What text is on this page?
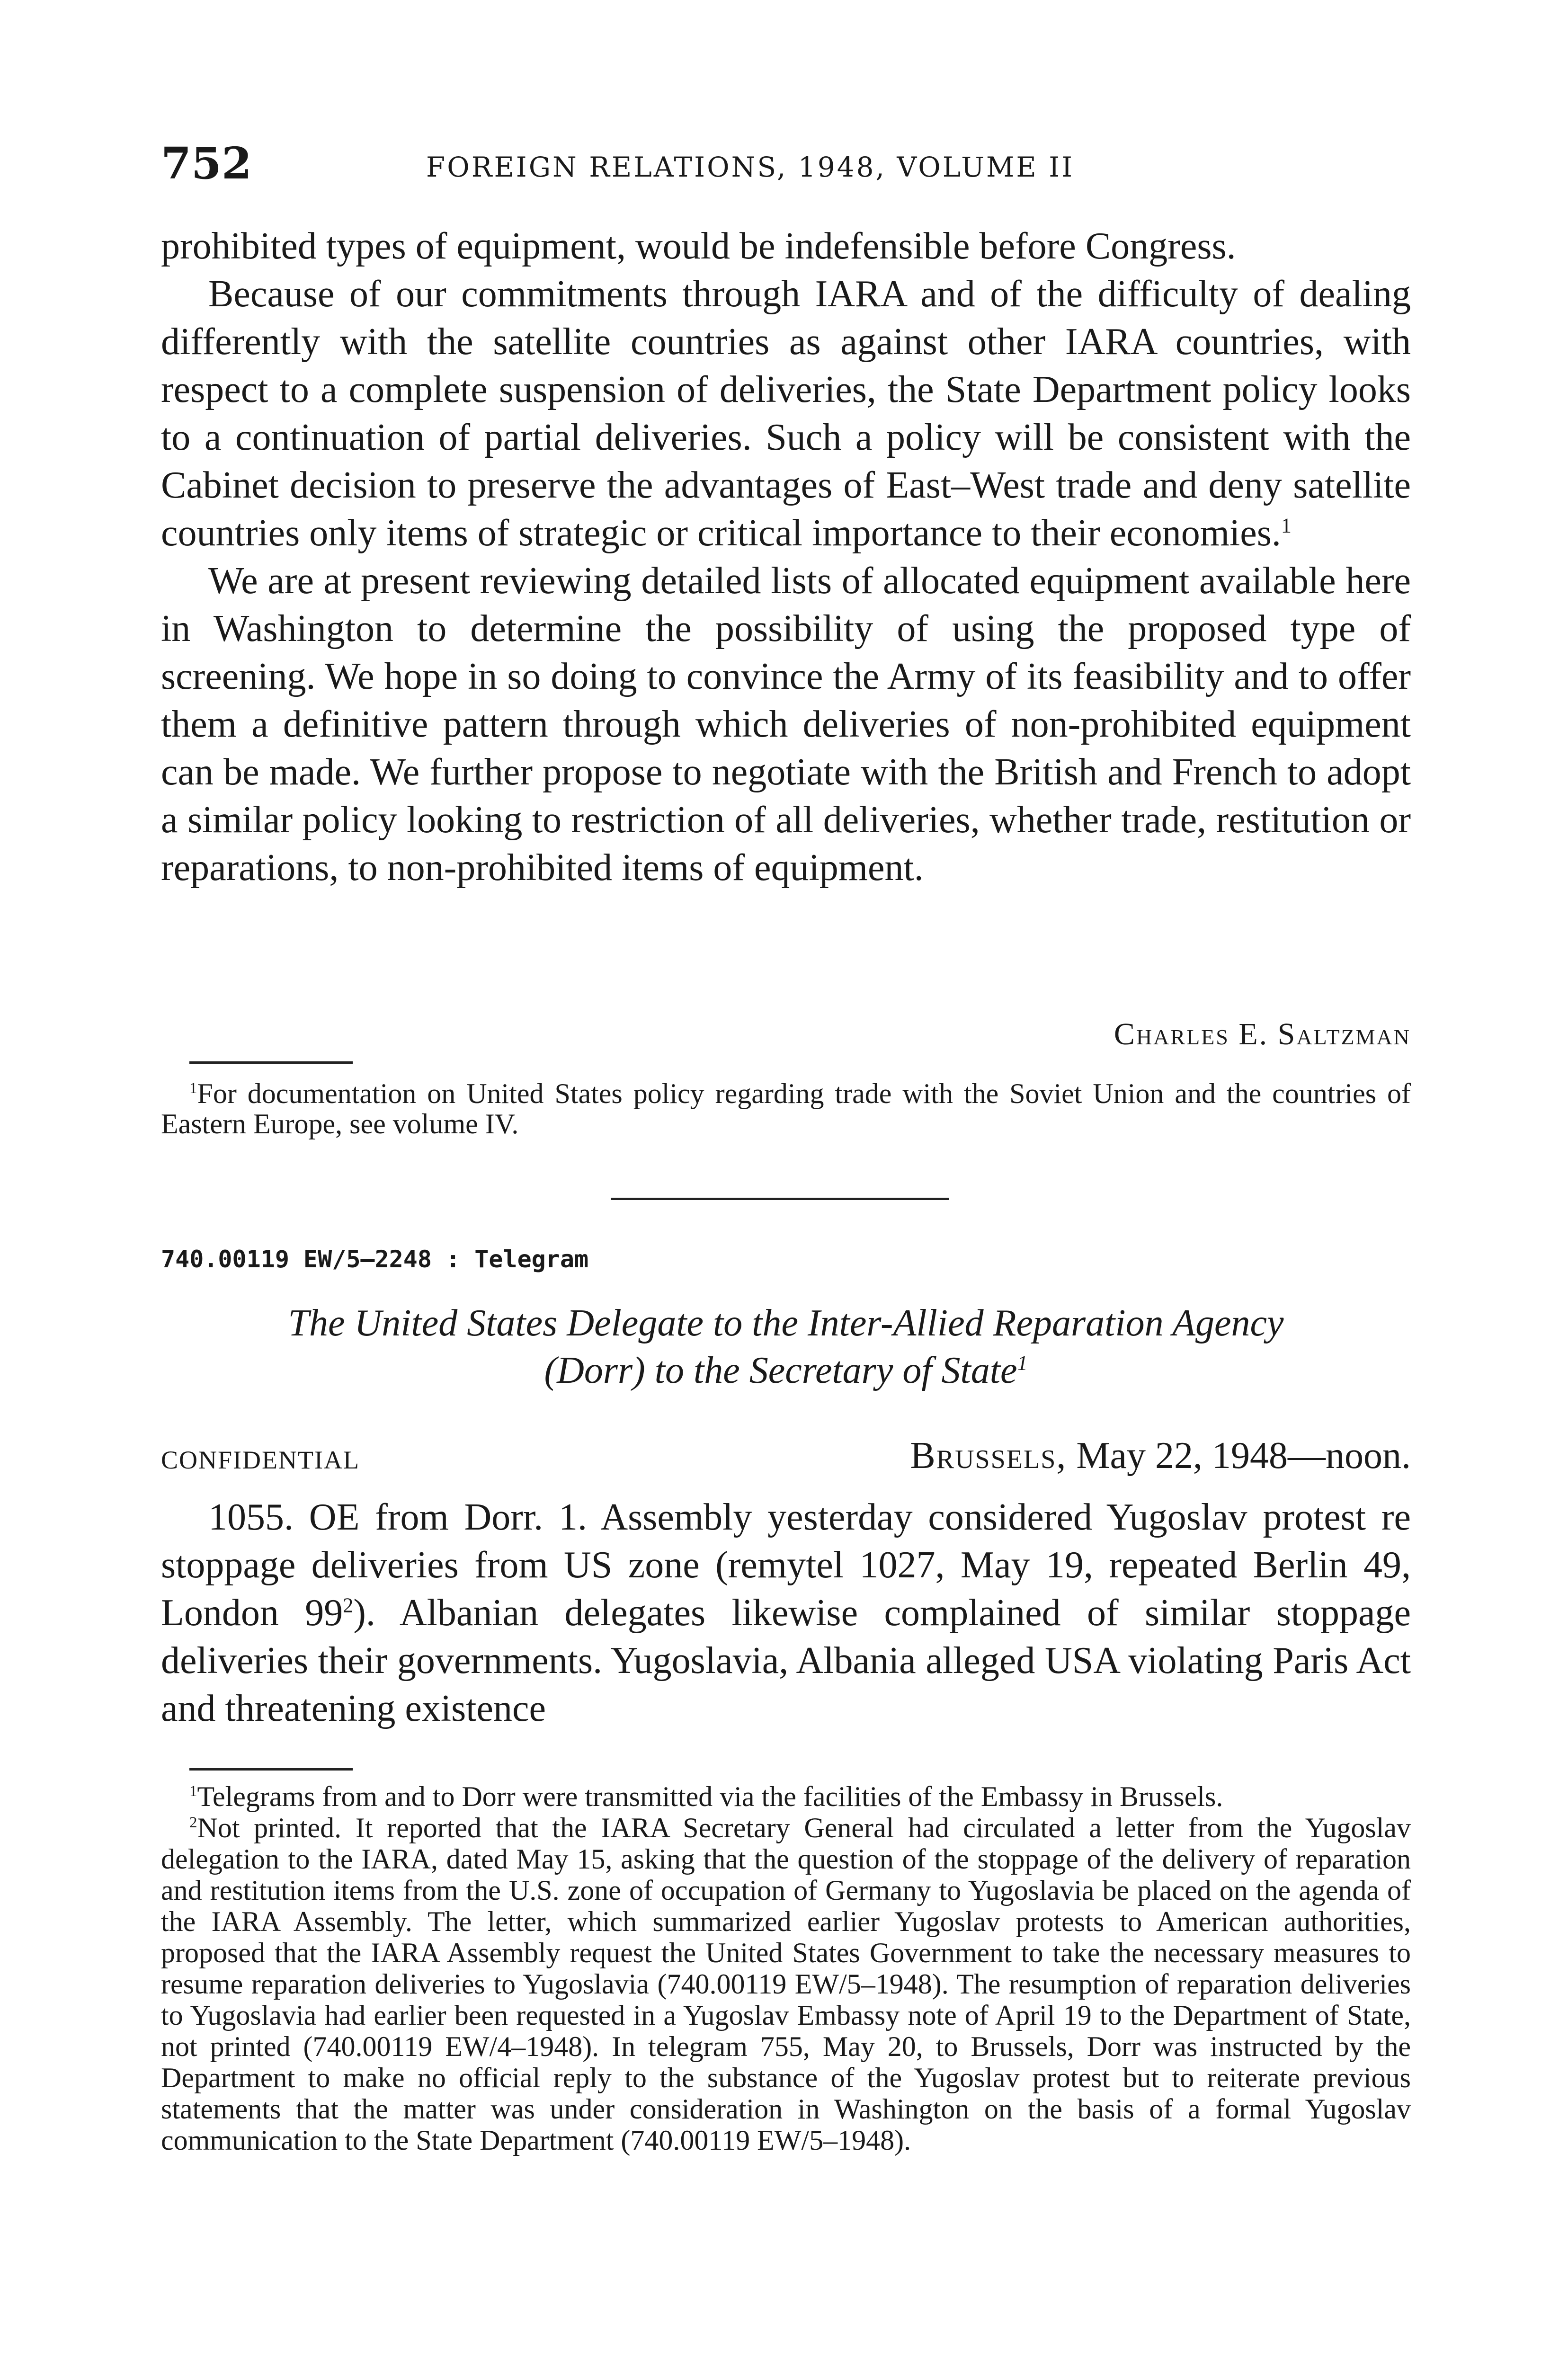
752	FOREIGN RELATIONS, 1948, VOLUME II

prohibited types of equipment, would be indefensible before Congress.

Because of our commitments through IARA and of the difficulty of dealing differently with the satellite countries as against other IARA countries, with respect to a complete suspension of deliveries, the State Department policy looks to a continuation of partial deliveries. Such a policy will be consistent with the Cabinet decision to preserve the advantages of East–West trade and deny satellite countries only items of strategic or critical importance to their economies.$^1$

We are at present reviewing detailed lists of allocated equipment available here in Washington to determine the possibility of using the proposed type of screening. We hope in so doing to convince the Army of its feasibility and to offer them a definitive pattern through which deliveries of non-prohibited equipment can be made. We further propose to negotiate with the British and French to adopt a similar policy looking to restriction of all deliveries, whether trade, restitution or reparations, to non-prohibited items of equipment.

Charles E. Saltzman

$^1$For documentation on United States policy regarding trade with the Soviet Union and the countries of Eastern Europe, see volume IV.

740.00119 EW/5–2248 : Telegram
The United States Delegate to the Inter-Allied Reparation Agency
(Dorr) to the Secretary of State$^1$
CONFIDENTIAL	Brussels, May 22, 1948—noon.

1055. OE from Dorr. 1. Assembly yesterday considered Yugoslav protest re stoppage deliveries from US zone (remytel 1027, May 19, repeated Berlin 49, London $99^2$). Albanian delegates likewise complained of similar stoppage deliveries their governments. Yugoslavia, Albania alleged USA violating Paris Act and threatening existence

$^1$Telegrams from and to Dorr were transmitted via the facilities of the Embassy in Brussels.

$^2$Not printed. It reported that the IARA Secretary General had circulated a letter from the Yugoslav delegation to the IARA, dated May 15, asking that the question of the stoppage of the delivery of reparation and restitution items from the U.S. zone of occupation of Germany to Yugoslavia be placed on the agenda of the IARA Assembly. The letter, which summarized earlier Yugoslav protests to American authorities, proposed that the IARA Assembly request the United States Government to take the necessary measures to resume reparation deliveries to Yugoslavia (740.00119 EW/5–1948). The resumption of reparation deliveries to Yugoslavia had earlier been requested in a Yugoslav Embassy note of April 19 to the Department of State, not printed (740.00119 EW/4–1948). In telegram 755, May 20, to Brussels, Dorr was instructed by the Department to make no official reply to the substance of the Yugoslav protest but to reiterate previous statements that the matter was under consideration in Washington on the basis of a formal Yugoslav communication to the State Department (740.00119 EW/5–1948).
